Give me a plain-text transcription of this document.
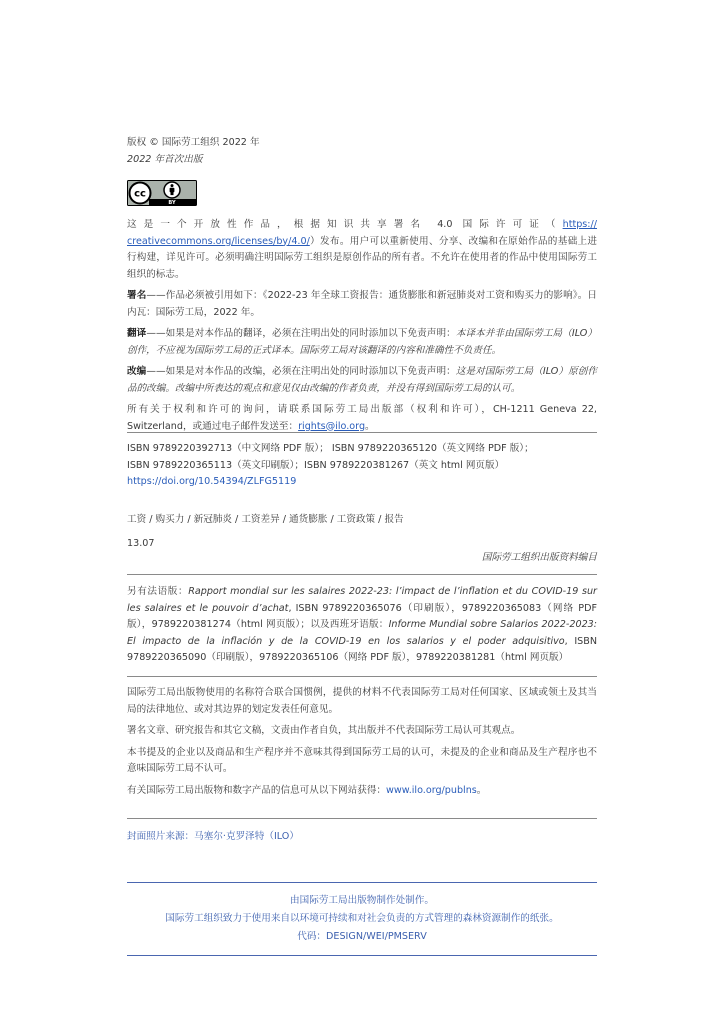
版权 © 国际劳工组织 2022 年

2022 年首次出版

cc
BY

这是一个开放性作品，根据知识共享署名 4.0 国际许可证（https:// creativecommons.org/licenses/by/4.0/）发布。用户可以重新使用、分享、改编和在原始作品的基础上进行构建，详见许可。必须明确注明国际劳工组织是原创作品的所有者。不允许在使用者的作品中使用国际劳工组织的标志。

署名——作品必须被引用如下：《2022-23 年全球工资报告：通货膨胀和新冠肺炎对工资和购买力的影响》。日内瓦：国际劳工局，2022 年。

翻译——如果是对本作品的翻译，必须在注明出处的同时添加以下免责声明：本译本并非由国际劳工局（ILO）创作，不应视为国际劳工局的正式译本。国际劳工局对该翻译的内容和准确性不负责任。

改编——如果是对本作品的改编，必须在注明出处的同时添加以下免责声明：这是对国际劳工局（ILO）原创作品的改编。改编中所表达的观点和意见仅由改编的作者负责，并没有得到国际劳工局的认可。

所有关于权利和许可的询问，请联系国际劳工局出版部（权利和许可），CH-1211 Geneva 22, Switzerland，或通过电子邮件发送至：rights@ilo.org。

ISBN 9789220392713（中文网络 PDF 版）； ISBN 9789220365120（英文网络 PDF 版）；

ISBN 9789220365113（英文印刷版）；ISBN 9789220381267（英文 html 网页版）

https://doi.org/10.54394/ZLFG5119

工资 / 购买力 / 新冠肺炎 / 工资差异 / 通货膨胀 / 工资政策 / 报告
13.07
国际劳工组织出版资料编目

另有法语版：Rapport mondial sur les salaires 2022-23: l’impact de l’inflation et du COVID-19 sur les salaires et le pouvoir d’achat, ISBN 9789220365076（印刷版），9789220365083（网络 PDF 版），9789220381274（html 网页版）；以及西班牙语版：Informe Mundial sobre Salarios 2022-2023: El impacto de la inflación y de la COVID-19 en los salarios y el poder adquisitivo, ISBN 9789220365090（印刷版），9789220365106（网络 PDF 版），9789220381281（html 网页版）

国际劳工局出版物使用的名称符合联合国惯例，提供的材料不代表国际劳工局对任何国家、区域或领土及其当局的法律地位、或对其边界的划定发表任何意见。

署名文章、研究报告和其它文稿，文责由作者自负，其出版并不代表国际劳工局认可其观点。

本书提及的企业以及商品和生产程序并不意味其得到国际劳工局的认可，未提及的企业和商品及生产程序也不意味国际劳工局不认可。

有关国际劳工局出版物和数字产品的信息可从以下网站获得：www.ilo.org/publns。

封面照片来源：马塞尔·克罗泽特（ILO）

由国际劳工局出版物制作处制作。

国际劳工组织致力于使用来自以环境可持续和对社会负责的方式管理的森林资源制作的纸张。

代码：DESIGN/WEI/PMSERV
